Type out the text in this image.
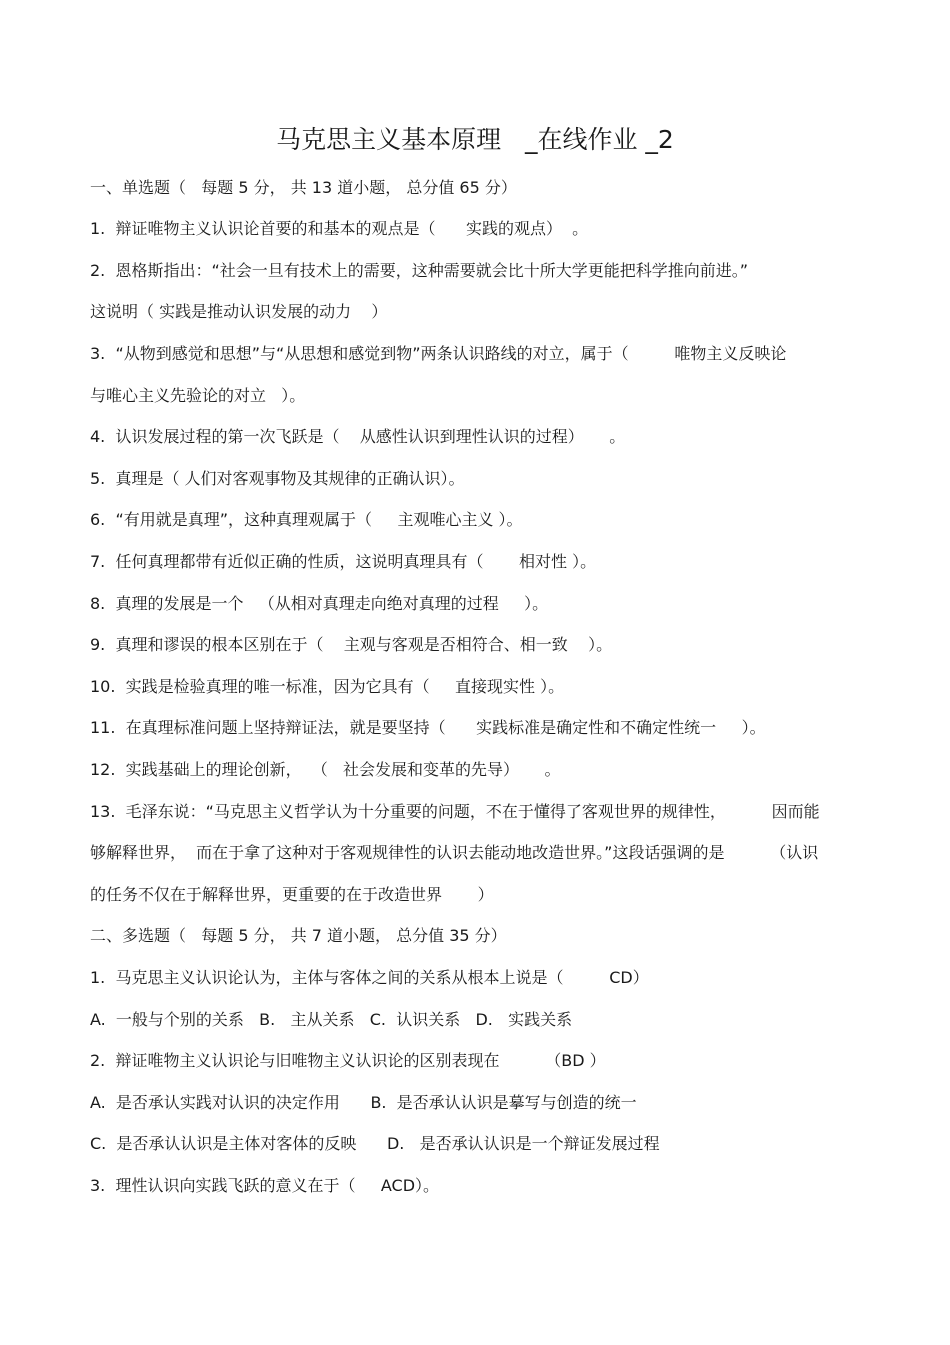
马克思主义基本原理   _在线作业 _2
一、单选题（   每题 5 分， 共 13 道小题， 总分值 65 分）
1.  辩证唯物主义认识论首要的和基本的观点是（      实践的观点）  。
2.  恩格斯指出：“社会一旦有技术上的需要，这种需要就会比十所大学更能把科学推向前进。”
这说明（ 实践是推动认识发展的动力    ）
3.  “从物到感觉和思想”与“从思想和感觉到物”两条认识路线的对立，属于（         唯物主义反映论
与唯心主义先验论的对立   ）。
4.  认识发展过程的第一次飞跃是（    从感性认识到理性认识的过程）     。
5.  真理是（ 人们对客观事物及其规律的正确认识）。
6.  “有用就是真理”，这种真理观属于（     主观唯心主义 ）。
7.  任何真理都带有近似正确的性质，这说明真理具有（       相对性 ）。
8.  真理的发展是一个   （从相对真理走向绝对真理的过程     ）。
9.  真理和谬误的根本区别在于（    主观与客观是否相符合、相一致    ）。
10.  实践是检验真理的唯一标准，因为它具有（     直接现实性 ）。
11.  在真理标准问题上坚持辩证法，就是要坚持（      实践标准是确定性和不确定性统一     ）。
12.  实践基础上的理论创新，  （   社会发展和变革的先导）     。
13.  毛泽东说：“马克思主义哲学认为十分重要的问题，不在于懂得了客观世界的规律性，         因而能
够解释世界，  而在于拿了这种对于客观规律性的认识去能动地改造世界。”这段话强调的是         （认识
的任务不仅在于解释世界，更重要的在于改造世界       ）
二、多选题（   每题 5 分， 共 7 道小题， 总分值 35 分）
1.  马克思主义认识论认为，主体与客体之间的关系从根本上说是（         CD）
A.  一般与个别的关系   B.   主从关系   C.  认识关系   D.   实践关系
2.  辩证唯物主义认识论与旧唯物主义认识论的区别表现在         （BD ）
A.  是否承认实践对认识的决定作用      B.  是否承认认识是摹写与创造的统一
C.  是否承认认识是主体对客体的反映      D.   是否承认认识是一个辩证发展过程
3.  理性认识向实践飞跃的意义在于（     ACD）。
